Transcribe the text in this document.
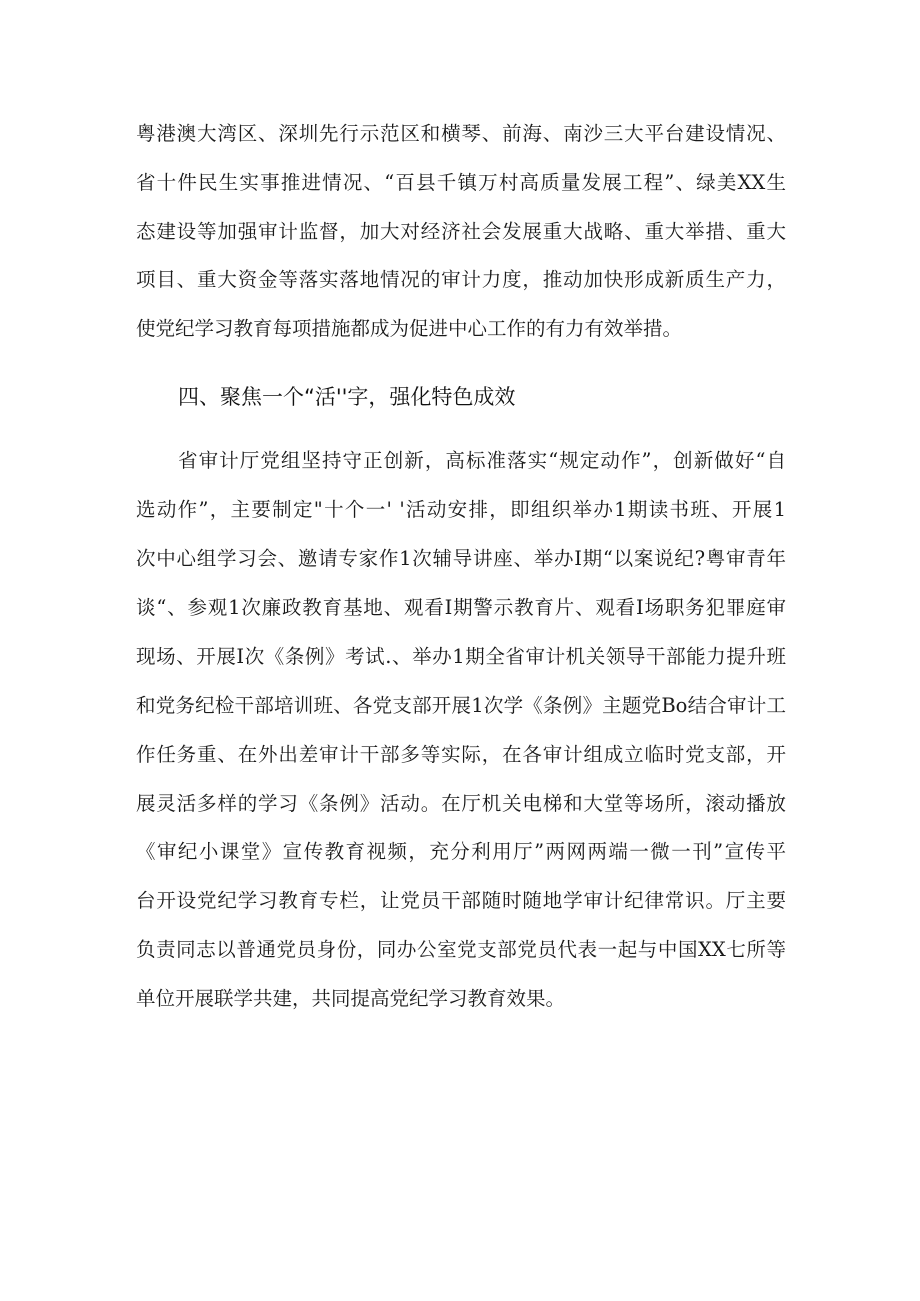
粤港澳大湾区、深圳先行示范区和横琴、前海、南沙三大平台建设情况、
省十件民生实事推进情况、“百县千镇万村高质量发展工程”、绿美XX生
态建设等加强审计监督，加大对经济社会发展重大战略、重大举措、重大
项目、重大资金等落实落地情况的审计力度，推动加快形成新质生产力，
使党纪学习教育每项措施都成为促进中心工作的有力有效举措。
四、聚焦一个“活''字，强化特色成效
省审计厅党组坚持守正创新，高标准落实“规定动作”，创新做好“自
选动作”，主要制定"十个一' '活动安排，即组织举办1期读书班、开展1
次中心组学习会、邀请专家作1次辅导讲座、举办I期“以案说纪?粤审青年
谈“、参观1次廉政教育基地、观看I期警示教育片、观看I场职务犯罪庭审
现场、开展I次《条例》考试.、举办1期全省审计机关领导干部能力提升班
和党务纪检干部培训班、各党支部开展1次学《条例》主题党Bo结合审计工
作任务重、在外出差审计干部多等实际，在各审计组成立临时党支部，开
展灵活多样的学习《条例》活动。在厅机关电梯和大堂等场所，滚动播放
《审纪小课堂》宣传教育视频，充分利用厅”两网两端一微一刊”宣传平
台开设党纪学习教育专栏，让党员干部随时随地学审计纪律常识。厅主要
负责同志以普通党员身份，同办公室党支部党员代表一起与中国XX七所等
单位开展联学共建，共同提高党纪学习教育效果。
